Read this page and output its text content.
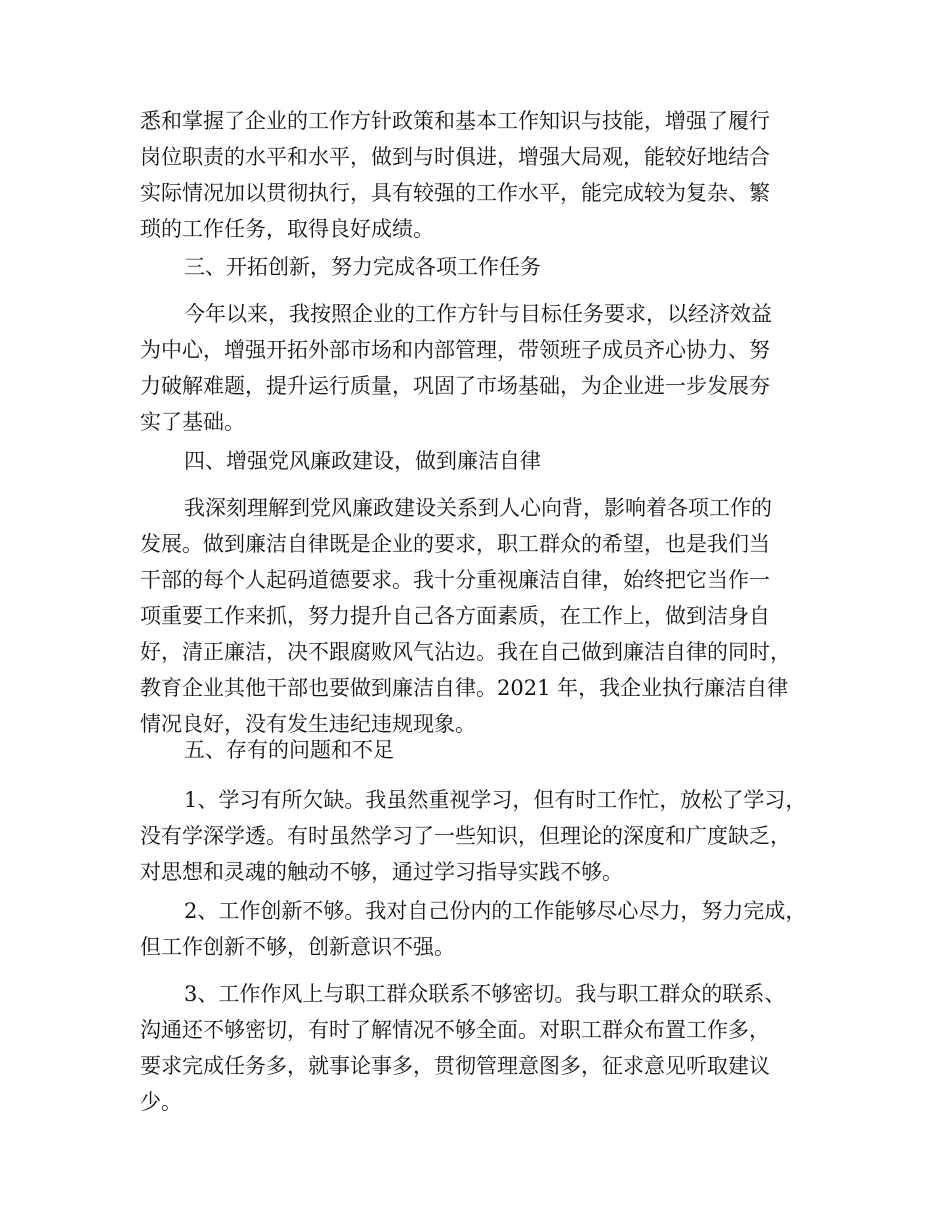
悉和掌握了企业的工作方针政策和基本工作知识与技能，增强了履行
岗位职责的水平和水平，做到与时俱进，增强大局观，能较好地结合
实际情况加以贯彻执行，具有较强的工作水平，能完成较为复杂、繁
琐的工作任务，取得良好成绩。
三、开拓创新，努力完成各项工作任务
今年以来，我按照企业的工作方针与目标任务要求，以经济效益
为中心，增强开拓外部市场和内部管理，带领班子成员齐心协力、努
力破解难题，提升运行质量，巩固了市场基础，为企业进一步发展夯
实了基础。
四、增强党风廉政建设，做到廉洁自律
我深刻理解到党风廉政建设关系到人心向背，影响着各项工作的
发展。做到廉洁自律既是企业的要求，职工群众的希望，也是我们当
干部的每个人起码道德要求。我十分重视廉洁自律，始终把它当作一
项重要工作来抓，努力提升自己各方面素质，在工作上，做到洁身自
好，清正廉洁，决不跟腐败风气沾边。我在自己做到廉洁自律的同时，
教育企业其他干部也要做到廉洁自律。2021 年，我企业执行廉洁自律
情况良好，没有发生违纪违规现象。
五、存有的问题和不足
1、学习有所欠缺。我虽然重视学习，但有时工作忙，放松了学习，
没有学深学透。有时虽然学习了一些知识，但理论的深度和广度缺乏，
对思想和灵魂的触动不够，通过学习指导实践不够。
2、工作创新不够。我对自己份内的工作能够尽心尽力，努力完成，
但工作创新不够，创新意识不强。
3、工作作风上与职工群众联系不够密切。我与职工群众的联系、
沟通还不够密切，有时了解情况不够全面。对职工群众布置工作多，
要求完成任务多，就事论事多，贯彻管理意图多，征求意见听取建议
少。
